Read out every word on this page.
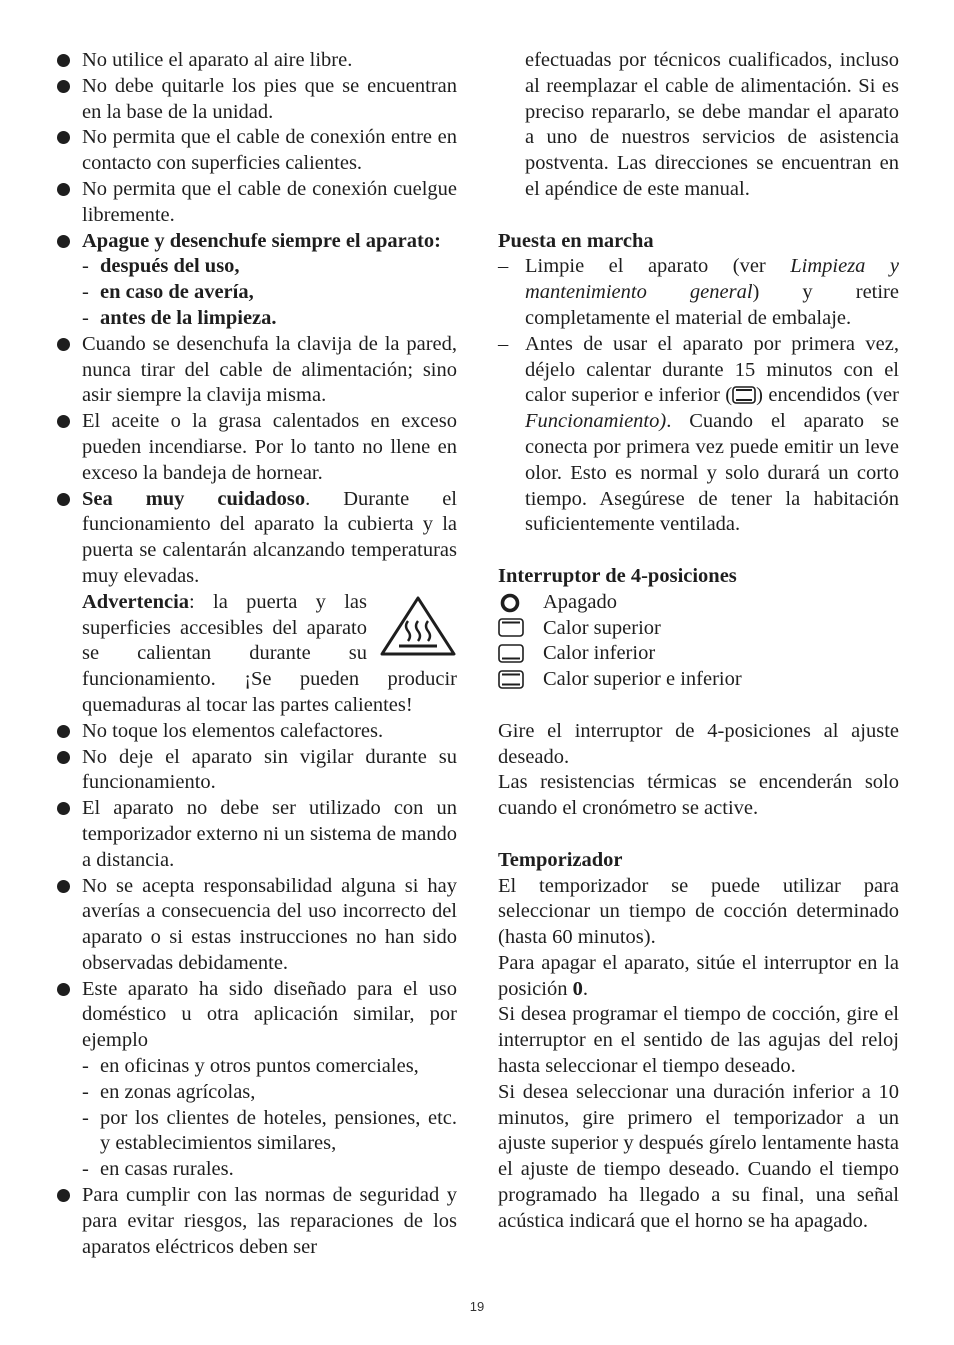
No utilice el aparato al aire libre.
No debe quitarle los pies que se encuentran en la base de la unidad.
No permita que el cable de conexión entre en contacto con superficies calientes.
No permita que el cable de conexión cuelgue libremente.
Apague y desenchufe siempre el aparato:
- después del uso,
- en caso de avería,
- antes de la limpieza.
Cuando se desenchufa la clavija de la pared, nunca tirar del cable de alimentación; sino asir siempre la clavija misma.
El aceite o la grasa calentados en exceso pueden incendiarse. Por lo tanto no llene en exceso la bandeja de hornear.
Sea muy cuidadoso. Durante el funcionamiento del aparato la cubierta y la puerta se calentarán alcanzando temperaturas muy elevadas.
Advertencia: la puerta y las superficies accesibles del aparato se calientan durante su funcionamiento. ¡Se pueden producir quemaduras al tocar las partes calientes!
No toque los elementos calefactores.
No deje el aparato sin vigilar durante su funcionamiento.
El aparato no debe ser utilizado con un temporizador externo ni un sistema de mando a distancia.
No se acepta responsabilidad alguna si hay averías a consecuencia del uso incorrecto del aparato o si estas instrucciones no han sido observadas debidamente.
Este aparato ha sido diseñado para el uso doméstico u otra aplicación similar, por ejemplo
- en oficinas y otros puntos comerciales,
- en zonas agrícolas,
- por los clientes de hoteles, pensiones, etc. y establecimientos similares,
- en casas rurales.
Para cumplir con las normas de seguridad y para evitar riesgos, las reparaciones de los aparatos eléctricos deben ser

efectuadas por técnicos cualificados, incluso al reemplazar el cable de alimentación. Si es preciso repararlo, se debe mandar el aparato a uno de nuestros servicios de asistencia postventa. Las direcciones se encuentran en el apéndice de este manual.

Puesta en marcha

– Limpie el aparato (ver Limpieza y mantenimiento general) y retire completamente el material de embalaje.
– Antes de usar el aparato por primera vez, déjelo calentar durante 15 minutos con el calor superior e inferior ( ) encendidos (ver Funcionamiento). Cuando el aparato se conecta por primera vez puede emitir un leve olor. Esto es normal y solo durará un corto tiempo. Asegúrese de tener la habitación suficientemente ventilada.

Interruptor de 4-posiciones

Apagado
Calor superior
Calor inferior
Calor superior e inferior

Gire el interruptor de 4-posiciones al ajuste deseado.

Las resistencias térmicas se encenderán solo cuando el cronómetro se active.

Temporizador

El temporizador se puede utilizar para seleccionar un tiempo de cocción determinado (hasta 60 minutos).

Para apagar el aparato, sitúe el interruptor en la posición 0.

Si desea programar el tiempo de cocción, gire el interruptor en el sentido de las agujas del reloj hasta seleccionar el tiempo deseado.

Si desea seleccionar una duración inferior a 10 minutos, gire primero el temporizador a un ajuste superior y después gírelo lentamente hasta el ajuste de tiempo deseado. Cuando el tiempo programado ha llegado a su final, una señal acústica indicará que el horno se ha apagado.

19
